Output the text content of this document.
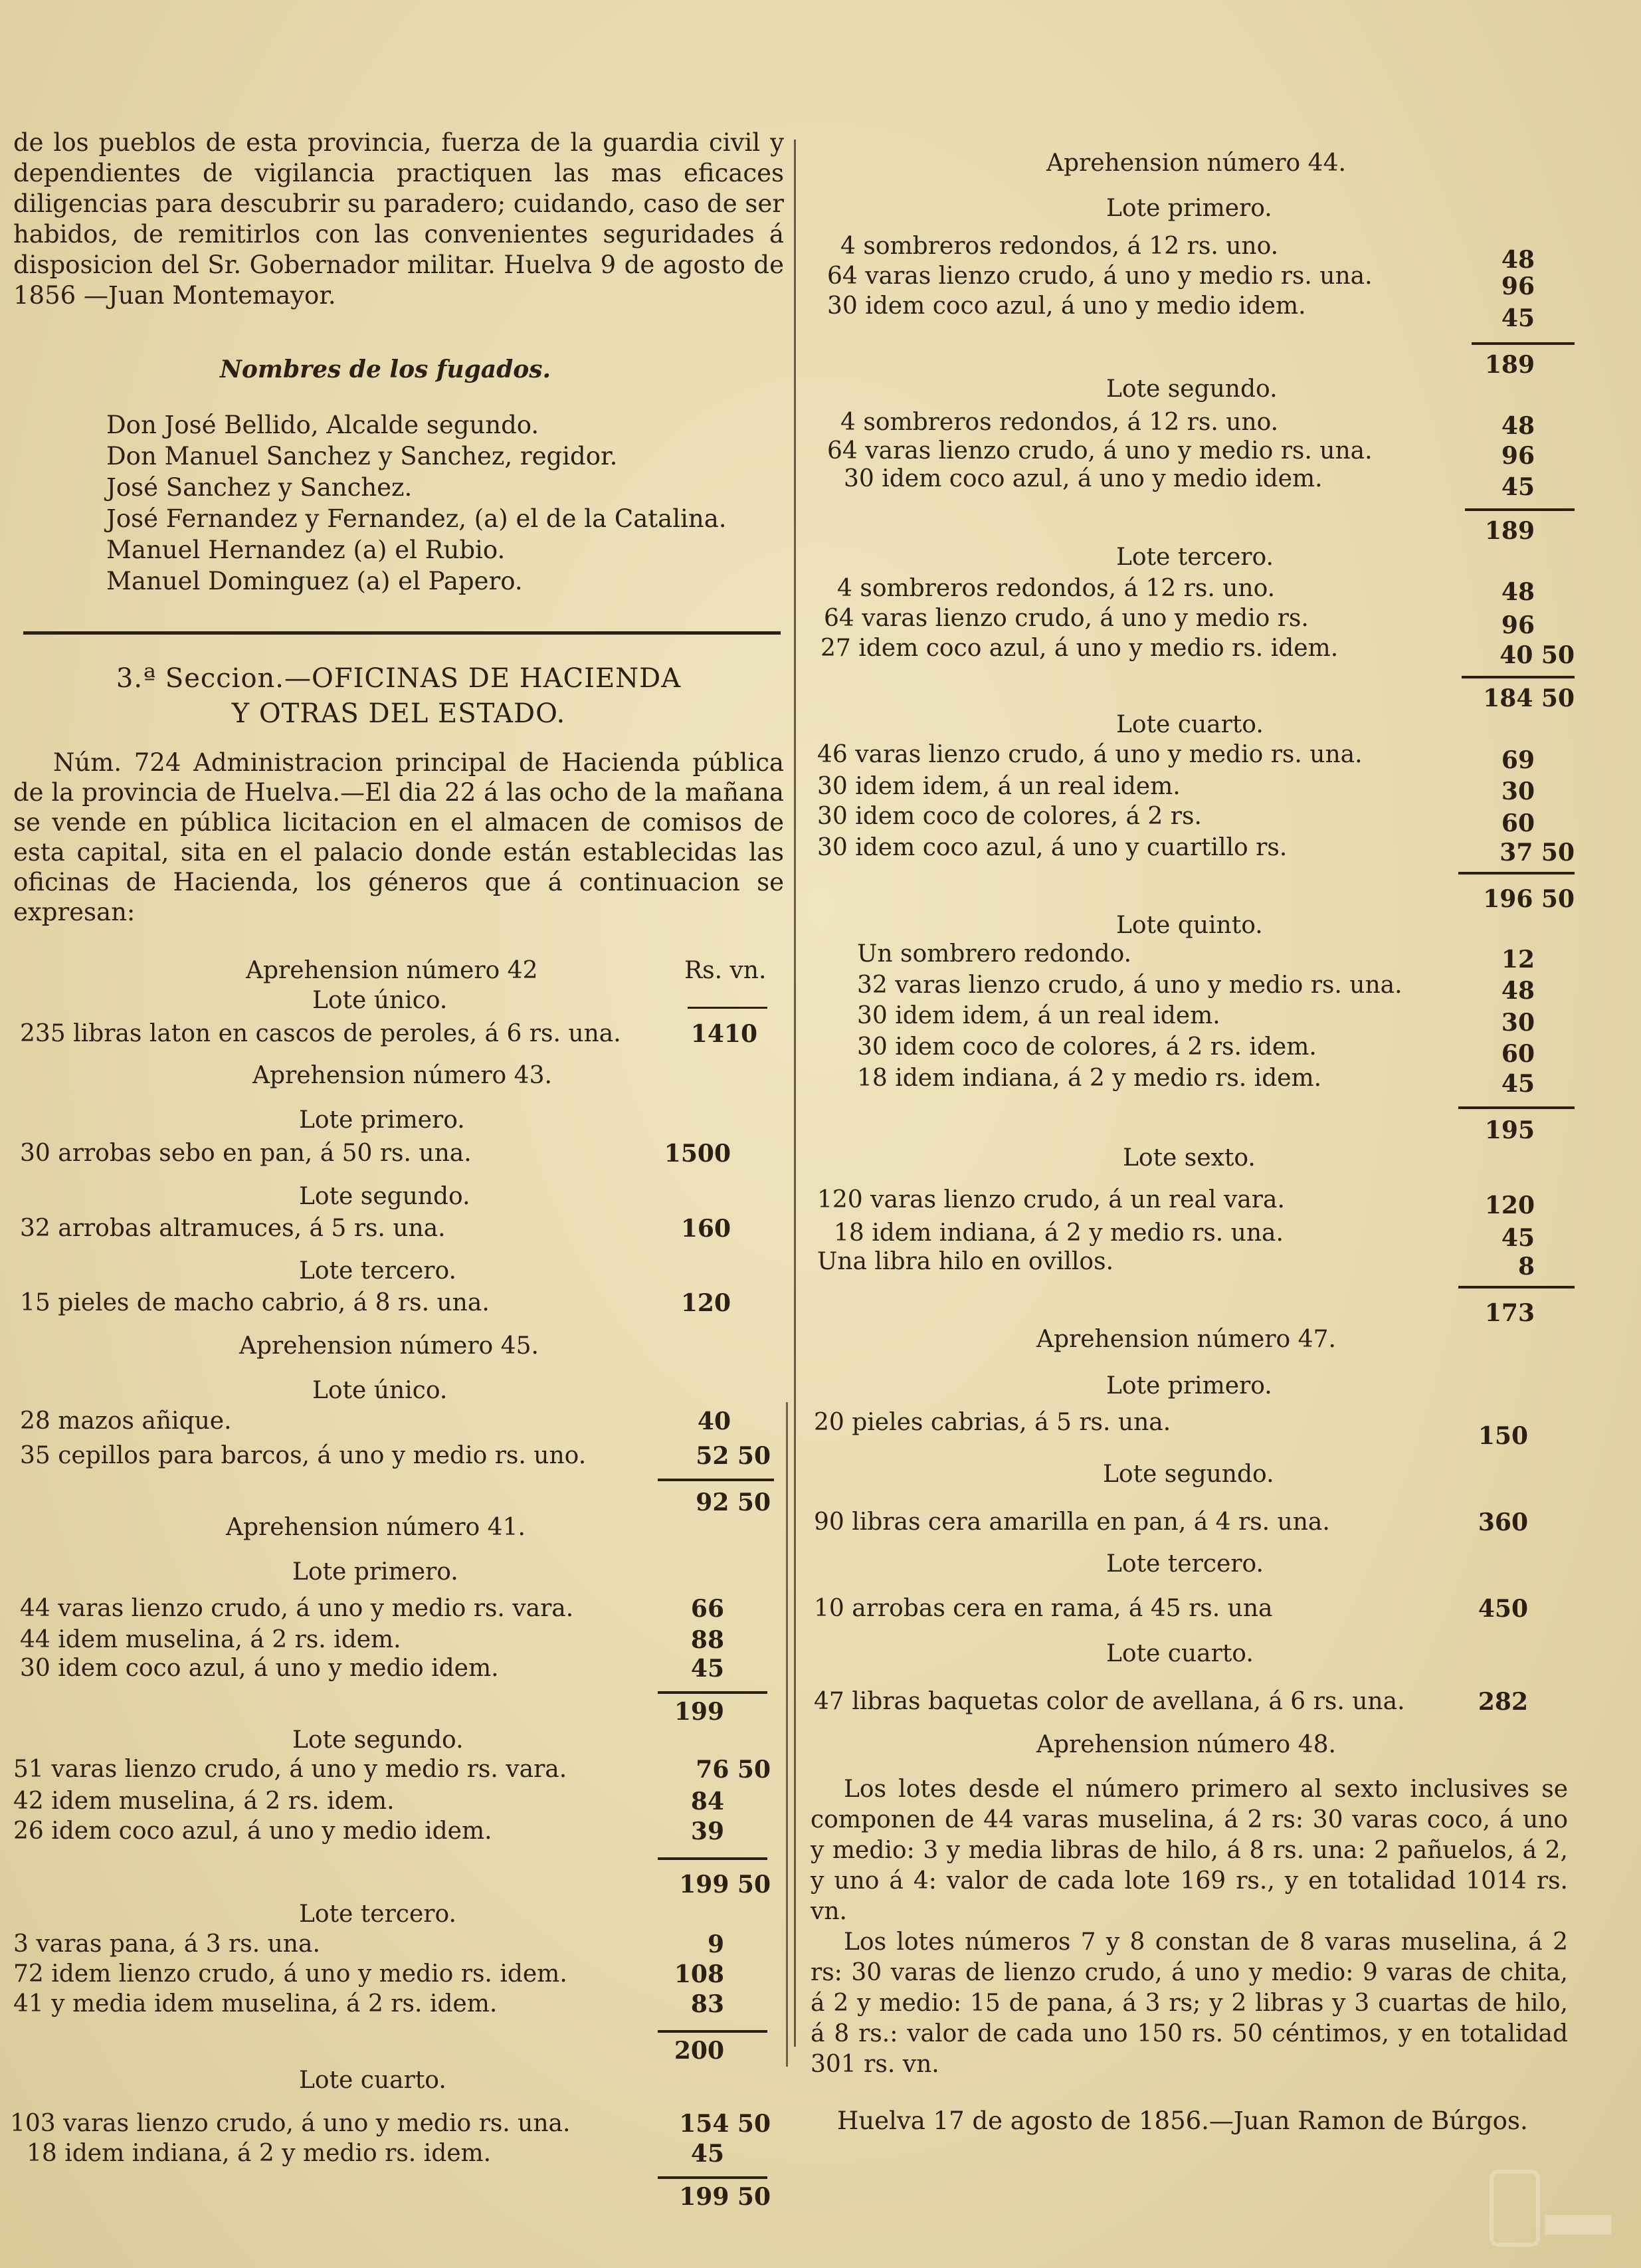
de los pueblos de esta provincia, fuerza de la guardia civil y dependientes de vigilancia practiquen las mas eficaces diligencias para descubrir su paradero; cuidando, caso de ser habidos, de remitirlos con las convenientes seguridades á disposicion del Sr. Gobernador militar. Huelva 9 de agosto de 1856 —Juan Montemayor.

Nombres de los fugados.
Don José Bellido, Alcalde segundo.
Don Manuel Sanchez y Sanchez, regidor.
José Sanchez y Sanchez.
José Fernandez y Fernandez, (a) el de la Catalina.
Manuel Hernandez (a) el Rubio.
Manuel Dominguez (a) el Papero.
3.ª Seccion.—OFICINAS DE HACIENDA
Y OTRAS DEL ESTADO.

Núm. 724 Administracion principal de Hacienda pública de la provincia de Huelva.—El dia 22 á las ocho de la mañana se vende en pública licitacion en el almacen de comisos de esta capital, sita en el palacio donde están establecidas las oficinas de Hacienda, los géneros que á continuacion se expresan:

Aprehension número 42	Rs. vn.
Lote único.
235 libras laton en cascos de peroles, á 6 rs. una.	1410
Aprehension número 43.
Lote primero.
30 arrobas sebo en pan, á 50 rs. una.	1500
Lote segundo.
32 arrobas altramuces, á 5 rs. una.	160
Lote tercero.
15 pieles de macho cabrio, á 8 rs. una.	120
Aprehension número 45.
Lote único.
28 mazos añique.	40
35 cepillos para barcos, á uno y medio rs. uno.	52 50
92 50
Aprehension número 41.
Lote primero.
44 varas lienzo crudo, á uno y medio rs. vara.	66
44 idem muselina, á 2 rs. idem.	88
30 idem coco azul, á uno y medio idem.	45
199
Lote segundo.
51 varas lienzo crudo, á uno y medio rs. vara.	76 50
42 idem muselina, á 2 rs. idem.	84
26 idem coco azul, á uno y medio idem.	39
199 50
Lote tercero.
3 varas pana, á 3 rs. una.	9
72 idem lienzo crudo, á uno y medio rs. idem.	108
41 y media idem muselina, á 2 rs. idem.	83
200
Lote cuarto.
103 varas lienzo crudo, á uno y medio rs. una.	154 50
18 idem indiana, á 2 y medio rs. idem.	45
199 50
Aprehension número 44.
Lote primero.
4 sombreros redondos, á 12 rs. uno.	48
64 varas lienzo crudo, á uno y medio rs. una.	96
30 idem coco azul, á uno y medio idem.	45
189
Lote segundo.
4 sombreros redondos, á 12 rs. uno.	48
64 varas lienzo crudo, á uno y medio rs. una.	96
30 idem coco azul, á uno y medio idem.	45
189
Lote tercero.
4 sombreros redondos, á 12 rs. uno.	48
64 varas lienzo crudo, á uno y medio rs.	96
27 idem coco azul, á uno y medio rs. idem.	40 50
184 50
Lote cuarto.
46 varas lienzo crudo, á uno y medio rs. una.	69
30 idem idem, á un real idem.	30
30 idem coco de colores, á 2 rs.	60
30 idem coco azul, á uno y cuartillo rs.	37 50
196 50
Lote quinto.
Un sombrero redondo.	12
32 varas lienzo crudo, á uno y medio rs. una.	48
30 idem idem, á un real idem.	30
30 idem coco de colores, á 2 rs. idem.	60
18 idem indiana, á 2 y medio rs. idem.	45
195
Lote sexto.
120 varas lienzo crudo, á un real vara.	120
18 idem indiana, á 2 y medio rs. una.	45
Una libra hilo en ovillos.	8
173
Aprehension número 47.
Lote primero.
20 pieles cabrias, á 5 rs. una.	150
Lote segundo.
90 libras cera amarilla en pan, á 4 rs. una.	360
Lote tercero.
10 arrobas cera en rama, á 45 rs. una	450
Lote cuarto.
47 libras baquetas color de avellana, á 6 rs. una.	282
Aprehension número 48.

Los lotes desde el número primero al sexto inclusives se componen de 44 varas muselina, á 2 rs: 30 varas coco, á uno y medio: 3 y media libras de hilo, á 8 rs. una: 2 pañuelos, á 2, y uno á 4: valor de cada lote 169 rs., y en totalidad 1014 rs. vn.

Los lotes números 7 y 8 constan de 8 varas muselina, á 2 rs: 30 varas de lienzo crudo, á uno y medio: 9 varas de chita, á 2 y medio: 15 de pana, á 3 rs; y 2 libras y 3 cuartas de hilo, á 8 rs.: valor de cada uno 150 rs. 50 céntimos, y en totalidad 301 rs. vn.

Huelva 17 de agosto de 1856.—Juan Ramon de Búrgos.
